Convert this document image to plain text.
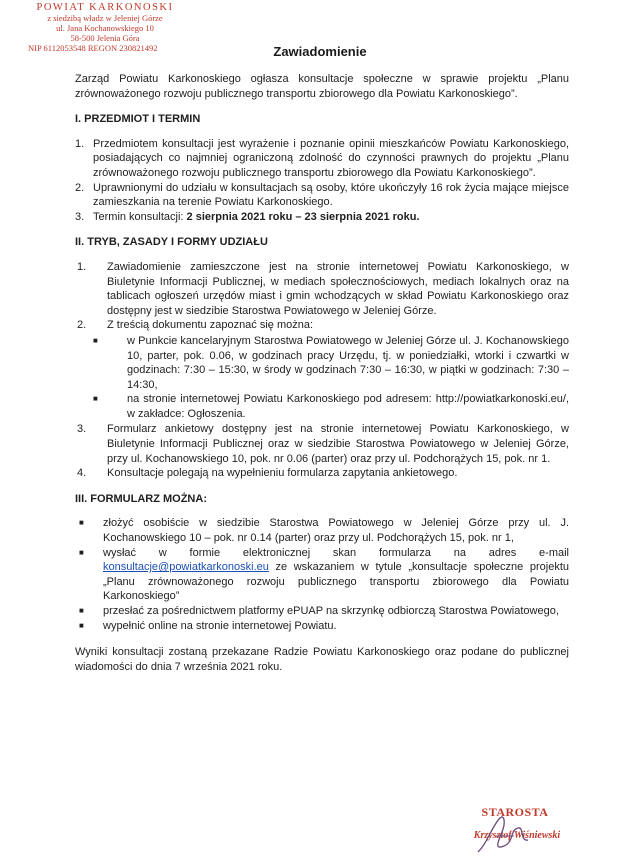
POWIAT KARKONOSKI
z siedzibą władz w Jeleniej Górze
ul. Jana Kochanowskiego 10
58-500 Jelenia Góra
NIP 6112053548 REGON 230821492	Zawiadomienie

Zarząd Powiatu Karkonoskiego ogłasza konsultacje społeczne w sprawie projektu „Planu zrównoważonego rozwoju publicznego transportu zbiorowego dla Powiatu Karkonoskiego”.

I. PRZEDMIOT I TERMIN
1. Przedmiotem konsultacji jest wyrażenie i poznanie opinii mieszkańców Powiatu Karkonoskiego, posiadających co najmniej ograniczoną zdolność do czynności prawnych do projektu „Planu zrównoważonego rozwoju publicznego transportu zbiorowego dla Powiatu Karkonoskiego”.
2. Uprawnionymi do udziału w konsultacjach są osoby, które ukończyły 16 rok życia mające miejsce zamieszkania na terenie Powiatu Karkonoskiego.
3. Termin konsultacji: 2 sierpnia 2021 roku – 23 sierpnia 2021 roku.
II. TRYB, ZASADY I FORMY UDZIAŁU
1. Zawiadomienie zamieszczone jest na stronie internetowej Powiatu Karkonoskiego, w Biuletynie Informacji Publicznej, w mediach społecznościowych, mediach lokalnych oraz na tablicach ogłoszeń urzędów miast i gmin wchodzących w skład Powiatu Karkonoskiego oraz dostępny jest w siedzibie Starostwa Powiatowego w Jeleniej Górze.
2. Z treścią dokumentu zapoznać się można:
■	w Punkcie kancelaryjnym Starostwa Powiatowego w Jeleniej Górze ul. J. Kochanowskiego 10, parter, pok. 0.06, w godzinach pracy Urzędu, tj. w poniedziałki, wtorki i czwartki w godzinach: 7:30 – 15:30, w środy w godzinach 7:30 – 16:30, w piątki w godzinach: 7:30 – 14:30,
■	na stronie internetowej Powiatu Karkonoskiego pod adresem: http://powiatkarkonoski.eu/, w zakładce: Ogłoszenia.
3. Formularz ankietowy dostępny jest na stronie internetowej Powiatu Karkonoskiego, w Biuletynie Informacji Publicznej oraz w siedzibie Starostwa Powiatowego w Jeleniej Górze, przy ul. Kochanowskiego 10, pok. nr 0.06 (parter) oraz przy ul. Podchorążych 15, pok. nr 1.
4. Konsultacje polegają na wypełnieniu formularza zapytania ankietowego.
III. FORMULARZ MOŻNA:
■ złożyć osobiście w siedzibie Starostwa Powiatowego w Jeleniej Górze przy ul. J. Kochanowskiego 10 – pok. nr 0.14 (parter) oraz przy ul. Podchorążych 15, pok. nr 1,
■ wysłać w formie elektronicznej skan formularza na adres e-mail konsultacje@powiatkarkonoski.eu ze wskazaniem w tytule „konsultacje społeczne projektu „Planu zrównoważonego rozwoju publicznego transportu zbiorowego dla Powiatu Karkonoskiego”
■ przesłać za pośrednictwem platformy ePUAP na skrzynkę odbiorczą Starostwa Powiatowego,
■ wypełnić online na stronie internetowej Powiatu.

Wyniki konsultacji zostaną przekazane Radzie Powiatu Karkonoskiego oraz podane do publicznej wiadomości do dnia 7 września 2021 roku.

STAROSTA
Krzysztof Wiśniewski
